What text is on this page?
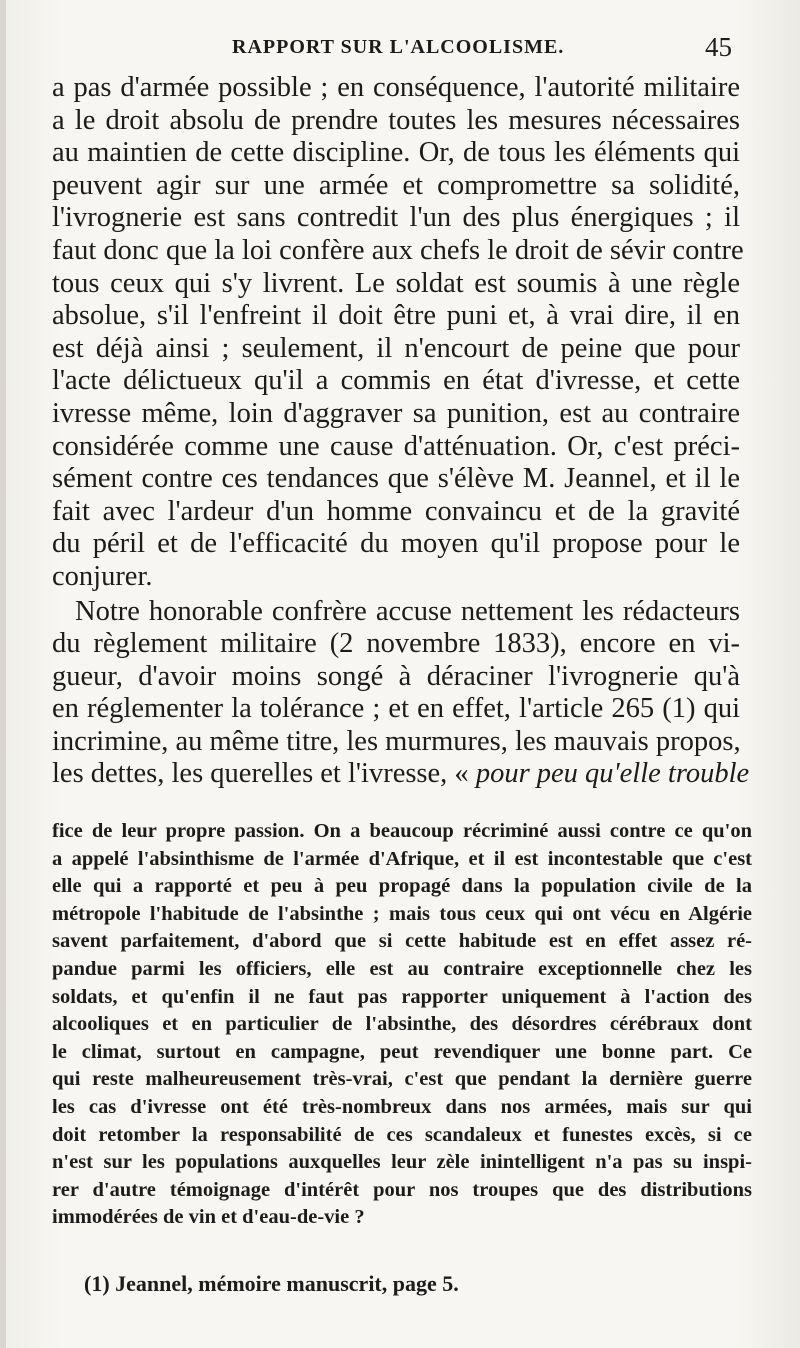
RAPPORT SUR L'ALCOOLISME.	45
a pas d'armée possible ; en conséquence, l'autorité militaire
a le droit absolu de prendre toutes les mesures nécessaires
au maintien de cette discipline. Or, de tous les éléments qui
peuvent agir sur une armée et compromettre sa solidité,
l'ivrognerie est sans contredit l'un des plus énergiques ; il
faut donc que la loi confère aux chefs le droit de sévir contre
tous ceux qui s'y livrent. Le soldat est soumis à une règle
absolue, s'il l'enfreint il doit être puni et, à vrai dire, il en
est déjà ainsi ; seulement, il n'encourt de peine que pour
l'acte délictueux qu'il a commis en état d'ivresse, et cette
ivresse même, loin d'aggraver sa punition, est au contraire
considérée comme une cause d'atténuation. Or, c'est préci-
sément contre ces tendances que s'élève M. Jeannel, et il le
fait avec l'ardeur d'un homme convaincu et de la gravité
du péril et de l'efficacité du moyen qu'il propose pour le
conjurer.
Notre honorable confrère accuse nettement les rédacteurs
du règlement militaire (2 novembre 1833), encore en vi-
gueur, d'avoir moins songé à déraciner l'ivrognerie qu'à
en réglementer la tolérance ; et en effet, l'article 265 (1) qui
incrimine, au même titre, les murmures, les mauvais propos,
les dettes, les querelles et l'ivresse, « pour peu qu'elle trouble
fice de leur propre passion. On a beaucoup récriminé aussi contre ce qu'on
a appelé l'absinthisme de l'armée d'Afrique, et il est incontestable que c'est
elle qui a rapporté et peu à peu propagé dans la population civile de la
métropole l'habitude de l'absinthe ; mais tous ceux qui ont vécu en Algérie
savent parfaitement, d'abord que si cette habitude est en effet assez ré-
pandue parmi les officiers, elle est au contraire exceptionnelle chez les
soldats, et qu'enfin il ne faut pas rapporter uniquement à l'action des
alcooliques et en particulier de l'absinthe, des désordres cérébraux dont
le climat, surtout en campagne, peut revendiquer une bonne part. Ce
qui reste malheureusement très-vrai, c'est que pendant la dernière guerre
les cas d'ivresse ont été très-nombreux dans nos armées, mais sur qui
doit retomber la responsabilité de ces scandaleux et funestes excès, si ce
n'est sur les populations auxquelles leur zèle inintelligent n'a pas su inspi-
rer d'autre témoignage d'intérêt pour nos troupes que des distributions
immodérées de vin et d'eau-de-vie ?
(1) Jeannel, mémoire manuscrit, page 5.
